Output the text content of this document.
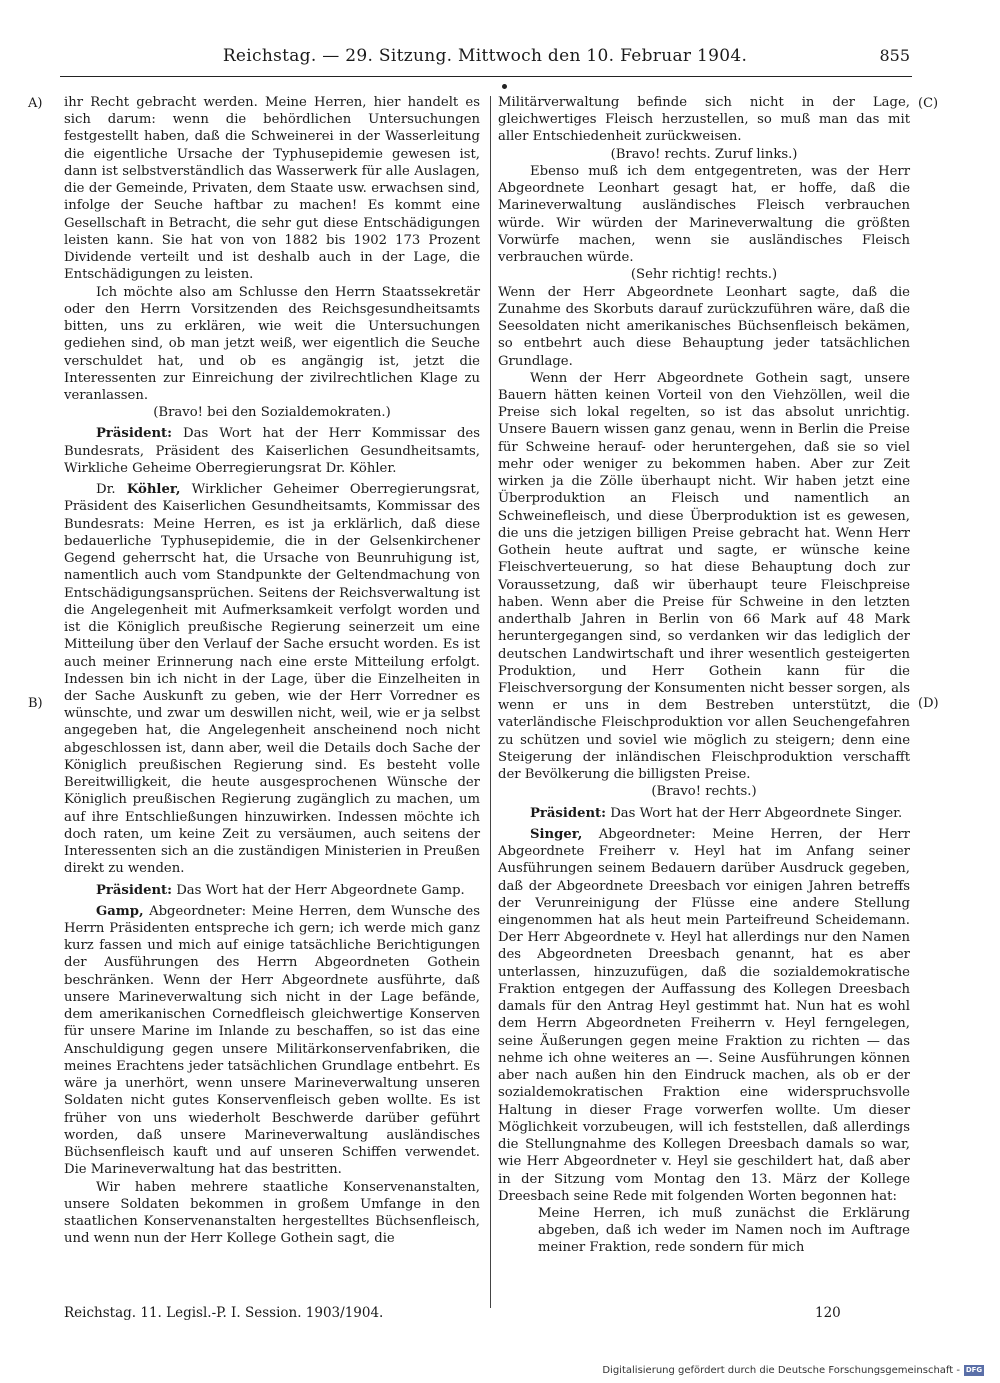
Reichstag. — 29. Sitzung. Mittwoch den 10. Februar 1904.	855
A)
B)
(C)
(D)

ihr Recht gebracht werden. Meine Herren, hier handelt es sich darum: wenn die behördlichen Untersuchungen festgestellt haben, daß die Schweinerei in der Wasserleitung die eigentliche Ursache der Typhusepidemie gewesen ist, dann ist selbstverständlich das Wasserwerk für alle Auslagen, die der Gemeinde, Privaten, dem Staate usw. erwachsen sind, infolge der Seuche haftbar zu machen! Es kommt eine Gesellschaft in Betracht, die sehr gut diese Entschädigungen leisten kann. Sie hat von von 1882 bis 1902 173 Prozent Dividende verteilt und ist deshalb auch in der Lage, die Entschädigungen zu leisten.

Ich möchte also am Schlusse den Herrn Staatssekretär oder den Herrn Vorsitzenden des Reichsgesundheitsamts bitten, uns zu erklären, wie weit die Untersuchungen gediehen sind, ob man jetzt weiß, wer eigentlich die Seuche verschuldet hat, und ob es angängig ist, jetzt die Interessenten zur Einreichung der zivilrechtlichen Klage zu veranlassen.

(Bravo! bei den Sozialdemokraten.)

Präsident: Das Wort hat der Herr Kommissar des Bundesrats, Präsident des Kaiserlichen Gesundheitsamts, Wirkliche Geheime Oberregierungsrat Dr. Köhler.

Dr. Köhler, Wirklicher Geheimer Oberregierungsrat, Präsident des Kaiserlichen Gesundheitsamts, Kommissar des Bundesrats: Meine Herren, es ist ja erklärlich, daß diese bedauerliche Typhusepidemie, die in der Gelsenkirchener Gegend geherrscht hat, die Ursache von Beunruhigung ist, namentlich auch vom Standpunkte der Geltendmachung von Entschädigungsansprüchen. Seitens der Reichsverwaltung ist die Angelegenheit mit Aufmerksamkeit verfolgt worden und ist die Königlich preußische Regierung seinerzeit um eine Mitteilung über den Verlauf der Sache ersucht worden. Es ist auch meiner Erinnerung nach eine erste Mitteilung erfolgt. Indessen bin ich nicht in der Lage, über die Einzelheiten in der Sache Auskunft zu geben, wie der Herr Vorredner es wünschte, und zwar um deswillen nicht, weil, wie er ja selbst angegeben hat, die Angelegenheit anscheinend noch nicht abgeschlossen ist, dann aber, weil die Details doch Sache der Königlich preußischen Regierung sind. Es besteht volle Bereitwilligkeit, die heute ausgesprochenen Wünsche der Königlich preußischen Regierung zugänglich zu machen, um auf ihre Entschließungen hinzuwirken. Indessen möchte ich doch raten, um keine Zeit zu versäumen, auch seitens der Interessenten sich an die zuständigen Ministerien in Preußen direkt zu wenden.

Präsident: Das Wort hat der Herr Abgeordnete Gamp.

Gamp, Abgeordneter: Meine Herren, dem Wunsche des Herrn Präsidenten entspreche ich gern; ich werde mich ganz kurz fassen und mich auf einige tatsächliche Berichtigungen der Ausführungen des Herrn Abgeordneten Gothein beschränken. Wenn der Herr Abgeordnete ausführte, daß unsere Marineverwaltung sich nicht in der Lage befände, dem amerikanischen Cornedfleisch gleichwertige Konserven für unsere Marine im Inlande zu beschaffen, so ist das eine Anschuldigung gegen unsere Militärkonservenfabriken, die meines Erachtens jeder tatsächlichen Grundlage entbehrt. Es wäre ja unerhört, wenn unsere Marineverwaltung unseren Soldaten nicht gutes Konservenfleisch geben wollte. Es ist früher von uns wiederholt Beschwerde darüber geführt worden, daß unsere Marineverwaltung ausländisches Büchsenfleisch kauft und auf unseren Schiffen verwendet. Die Marineverwaltung hat das bestritten.

Wir haben mehrere staatliche Konservenanstalten, unsere Soldaten bekommen in großem Umfange in den staatlichen Konservenanstalten hergestelltes Büchsenfleisch, und wenn nun der Herr Kollege Gothein sagt, die

Militärverwaltung befinde sich nicht in der Lage, gleichwertiges Fleisch herzustellen, so muß man das mit aller Entschiedenheit zurückweisen.

(Bravo! rechts. Zuruf links.)

Ebenso muß ich dem entgegentreten, was der Herr Abgeordnete Leonhart gesagt hat, er hoffe, daß die Marineverwaltung ausländisches Fleisch verbrauchen würde. Wir würden der Marineverwaltung die größten Vorwürfe machen, wenn sie ausländisches Fleisch verbrauchen würde.

(Sehr richtig! rechts.)

Wenn der Herr Abgeordnete Leonhart sagte, daß die Zunahme des Skorbuts darauf zurückzuführen wäre, daß die Seesoldaten nicht amerikanisches Büchsenfleisch bekämen, so entbehrt auch diese Behauptung jeder tatsächlichen Grundlage.

Wenn der Herr Abgeordnete Gothein sagt, unsere Bauern hätten keinen Vorteil von den Viehzöllen, weil die Preise sich lokal regelten, so ist das absolut unrichtig. Unsere Bauern wissen ganz genau, wenn in Berlin die Preise für Schweine herauf- oder heruntergehen, daß sie so viel mehr oder weniger zu bekommen haben. Aber zur Zeit wirken ja die Zölle überhaupt nicht. Wir haben jetzt eine Überproduktion an Fleisch und namentlich an Schweinefleisch, und diese Überproduktion ist es gewesen, die uns die jetzigen billigen Preise gebracht hat. Wenn Herr Gothein heute auftrat und sagte, er wünsche keine Fleischverteuerung, so hat diese Behauptung doch zur Voraussetzung, daß wir überhaupt teure Fleischpreise haben. Wenn aber die Preise für Schweine in den letzten anderthalb Jahren in Berlin von 66 Mark auf 48 Mark heruntergegangen sind, so verdanken wir das lediglich der deutschen Landwirtschaft und ihrer wesentlich gesteigerten Produktion, und Herr Gothein kann für die Fleischversorgung der Konsumenten nicht besser sorgen, als wenn er uns in dem Bestreben unterstützt, die vaterländische Fleischproduktion vor allen Seuchengefahren zu schützen und soviel wie möglich zu steigern; denn eine Steigerung der inländischen Fleischproduktion verschafft der Bevölkerung die billigsten Preise.

(Bravo! rechts.)

Präsident: Das Wort hat der Herr Abgeordnete Singer.

Singer, Abgeordneter: Meine Herren, der Herr Abgeordnete Freiherr v. Heyl hat im Anfang seiner Ausführungen seinem Bedauern darüber Ausdruck gegeben, daß der Abgeordnete Dreesbach vor einigen Jahren betreffs der Verunreinigung der Flüsse eine andere Stellung eingenommen hat als heut mein Parteifreund Scheidemann. Der Herr Abgeordnete v. Heyl hat allerdings nur den Namen des Abgeordneten Dreesbach genannt, hat es aber unterlassen, hinzuzufügen, daß die sozialdemokratische Fraktion entgegen der Auffassung des Kollegen Dreesbach damals für den Antrag Heyl gestimmt hat. Nun hat es wohl dem Herrn Abgeordneten Freiherrn v. Heyl ferngelegen, seine Äußerungen gegen meine Fraktion zu richten — das nehme ich ohne weiteres an —. Seine Ausführungen können aber nach außen hin den Eindruck machen, als ob er der sozialdemokratischen Fraktion eine widerspruchsvolle Haltung in dieser Frage vorwerfen wollte. Um dieser Möglichkeit vorzubeugen, will ich feststellen, daß allerdings die Stellungnahme des Kollegen Dreesbach damals so war, wie Herr Abgeordneter v. Heyl sie geschildert hat, daß aber in der Sitzung vom Montag den 13. März der Kollege Dreesbach seine Rede mit folgenden Worten begonnen hat:

Meine Herren, ich muß zunächst die Erklärung abgeben, daß ich weder im Namen noch im Auftrage meiner Fraktion, rede sondern für mich

Reichstag. 11. Legisl.-P. I. Session. 1903/1904.	120
Digitalisierung gefördert durch die Deutsche Forschungsgemeinschaft - DFG
